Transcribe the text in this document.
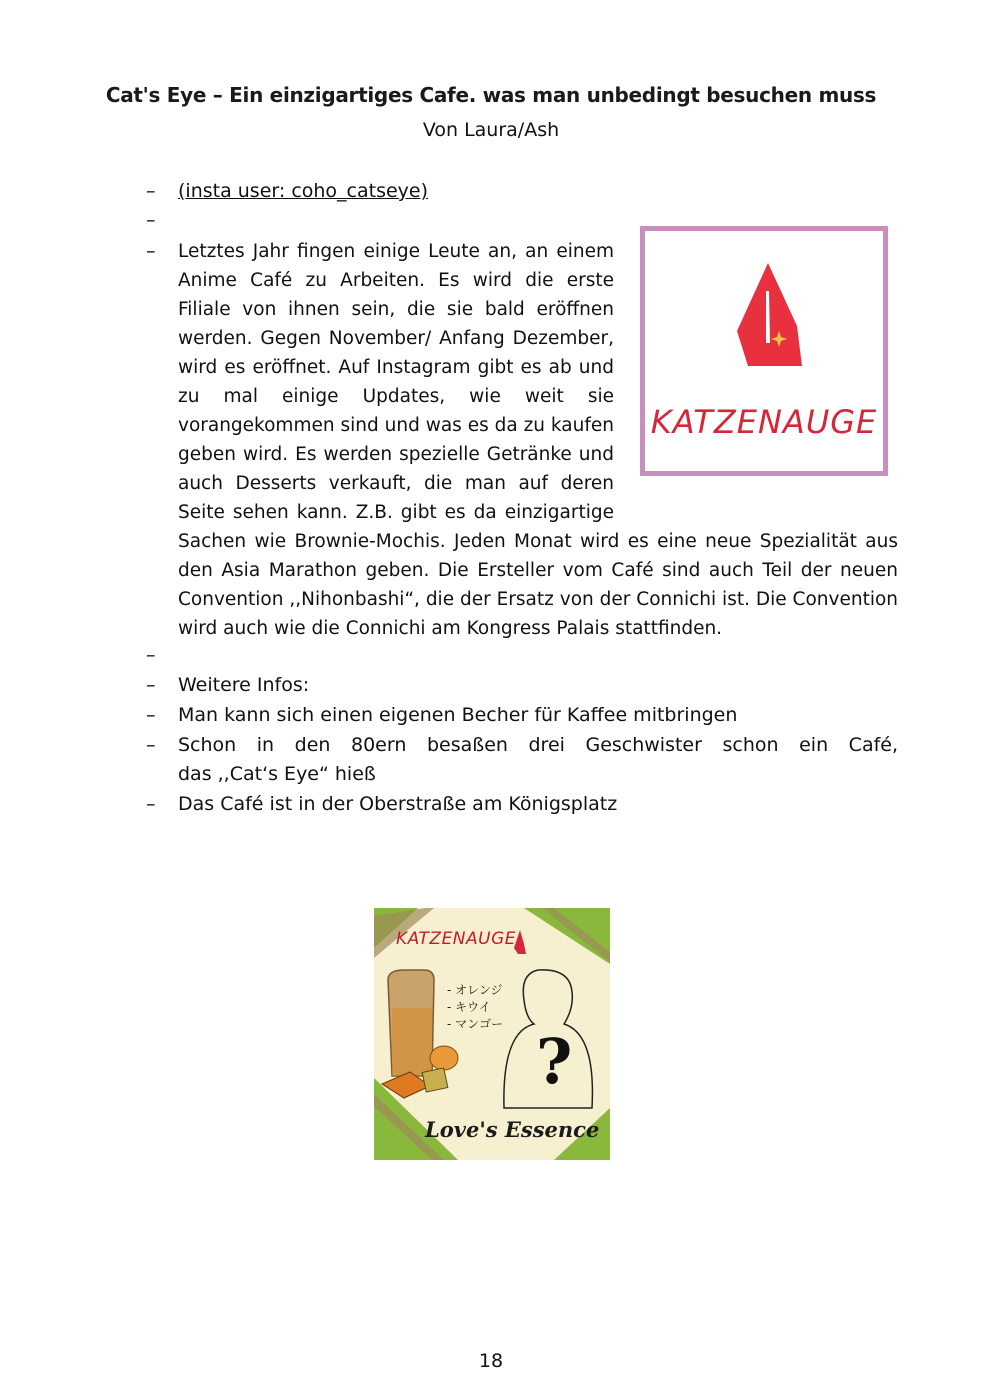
Cat's Eye – Ein einzigartiges Cafe. was man unbedingt besuchen muss
Von Laura/Ash
– (insta user: coho_catseye)
–
– Letztes Jahr fingen einige Leute an, an einem Anime Café zu Arbeiten. Es wird die erste Filiale von ihnen sein, die sie bald eröffnen werden. Gegen November/ Anfang Dezember, wird es eröffnet. Auf Instagram gibt es ab und zu mal einige Updates, wie weit sie vorangekommen sind und was es da zu kaufen geben wird. Es werden spezielle Getränke und auch Desserts verkauft, die man auf deren Seite sehen kann. Z.B. gibt es da einzigartige Sachen wie Brownie-Mochis. Jeden Monat wird es eine neue Spezialität aus den Asia Marathon geben. Die Ersteller vom Café sind auch Teil der neuen Convention ,,Nihonbashi“, die der Ersatz von der Connichi ist. Die Convention wird auch wie die Connichi am Kongress Palais stattfinden.
KATZENAUGE
–
– Weitere Infos:
– Man kann sich einen eigenen Becher für Kaffee mitbringen
– Schon in den 80ern besaßen drei Geschwister schon ein Café,
das ,,Cat‘s Eye“ hieß
– Das Café ist in der Oberstraße am Königsplatz
KATZENAUGE
- オレンジ
- キウイ
- マンゴー
?
Love's Essence
18
